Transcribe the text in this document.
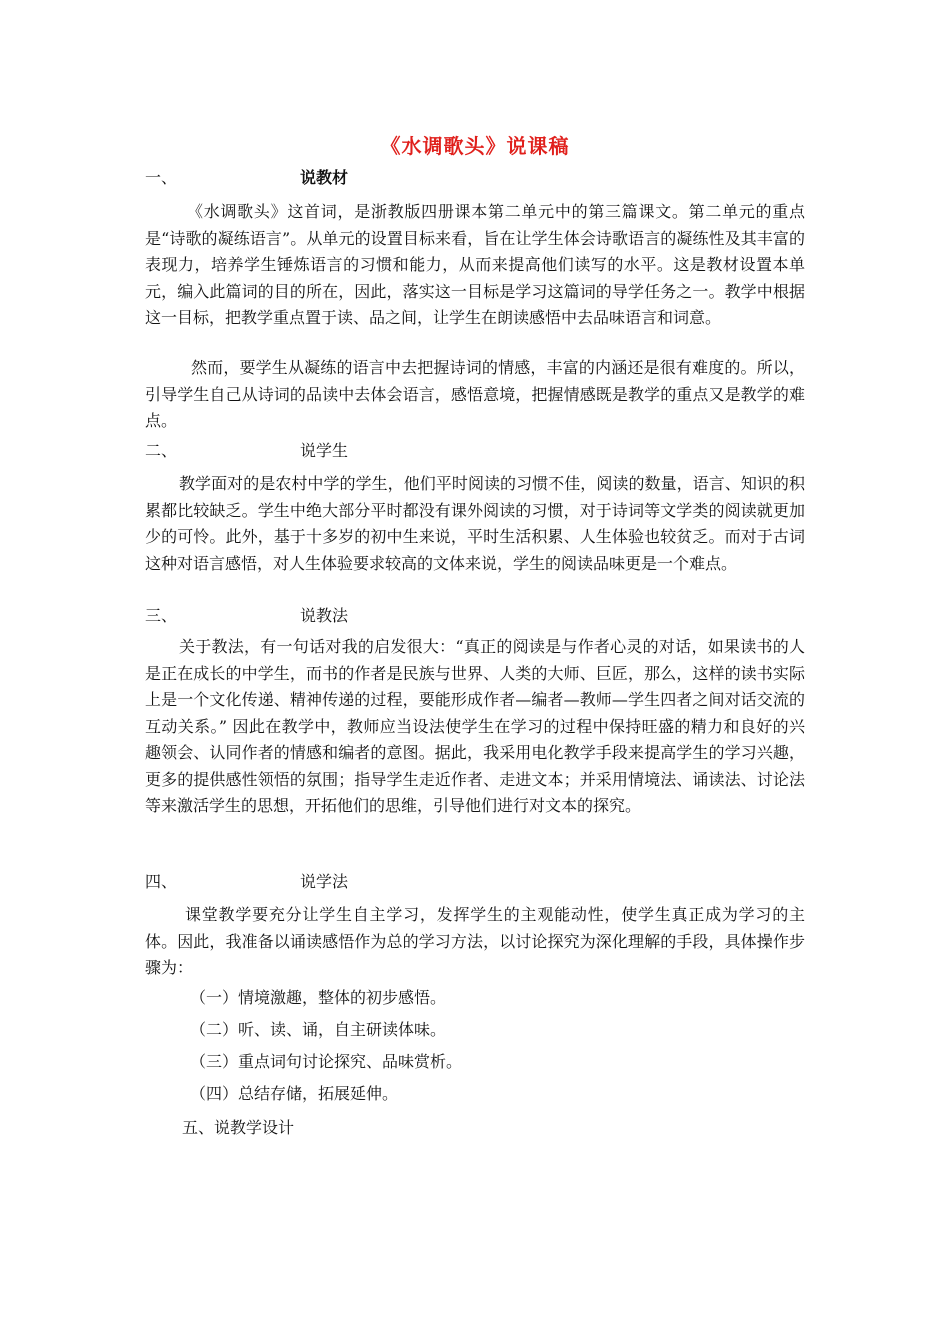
《水调歌头》说课稿
一、	说教材

《水调歌头》这首词，是浙教版四册课本第二单元中的第三篇课文。第二单元的重点是“诗歌的凝练语言”。从单元的设置目标来看，旨在让学生体会诗歌语言的凝练性及其丰富的表现力，培养学生锤炼语言的习惯和能力，从而来提高他们读写的水平。这是教材设置本单元，编入此篇词的目的所在，因此，落实这一目标是学习这篇词的导学任务之一。教学中根据这一目标，把教学重点置于读、品之间，让学生在朗读感悟中去品味语言和词意。

然而，要学生从凝练的语言中去把握诗词的情感，丰富的内涵还是很有难度的。所以，引导学生自己从诗词的品读中去体会语言，感悟意境，把握情感既是教学的重点又是教学的难点。

二、	说学生

教学面对的是农村中学的学生，他们平时阅读的习惯不佳，阅读的数量，语言、知识的积累都比较缺乏。学生中绝大部分平时都没有课外阅读的习惯，对于诗词等文学类的阅读就更加少的可怜。此外，基于十多岁的初中生来说，平时生活积累、人生体验也较贫乏。而对于古词这种对语言感悟，对人生体验要求较高的文体来说，学生的阅读品味更是一个难点。

三、	说教法

关于教法，有一句话对我的启发很大：“真正的阅读是与作者心灵的对话，如果读书的人是正在成长的中学生，而书的作者是民族与世界、人类的大师、巨匠，那么，这样的读书实际上是一个文化传递、精神传递的过程，要能形成作者—编者—教师—学生四者之间对话交流的互动关系。” 因此在教学中，教师应当设法使学生在学习的过程中保持旺盛的精力和良好的兴趣领会、认同作者的情感和编者的意图。据此，我采用电化教学手段来提高学生的学习兴趣，更多的提供感性领悟的氛围；指导学生走近作者、走进文本；并采用情境法、诵读法、讨论法等来激活学生的思想，开拓他们的思维，引导他们进行对文本的探究。

四、	说学法

课堂教学要充分让学生自主学习，发挥学生的主观能动性，使学生真正成为学习的主体。因此，我准备以诵读感悟作为总的学习方法，以讨论探究为深化理解的手段，具体操作步骤为：

（一）情境激趣，整体的初步感悟。
（二）听、读、诵，自主研读体味。
（三）重点词句讨论探究、品味赏析。
（四）总结存储，拓展延伸。
五、说教学设计
